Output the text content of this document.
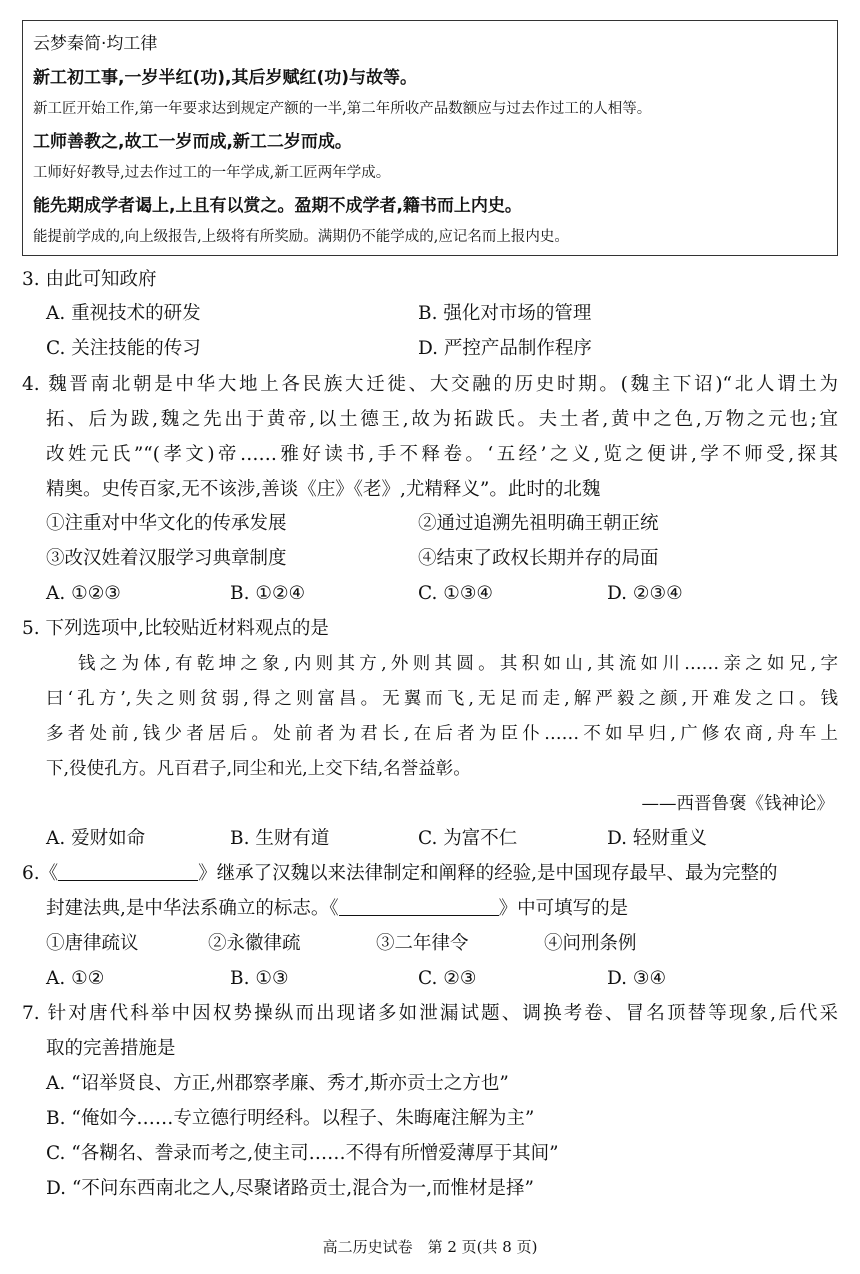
云梦秦简·均工律
新工初工事,一岁半红(功),其后岁赋红(功)与故等。
新工匠开始工作,第一年要求达到规定产额的一半,第二年所收产品数额应与过去作过工的人相等。
工师善教之,故工一岁而成,新工二岁而成。
工师好好教导,过去作过工的一年学成,新工匠两年学成。
能先期成学者谒上,上且有以赏之。盈期不成学者,籍书而上内史。
能提前学成的,向上级报告,上级将有所奖励。满期仍不能学成的,应记名而上报内史。
3. 由此可知政府
A. 重视技术的研发	B. 强化对市场的管理
C. 关注技能的传习	D. 严控产品制作程序
4. 魏晋南北朝是中华大地上各民族大迁徙、大交融的历史时期。(魏主下诏)“北人谓土为
拓、后为跋,魏之先出于黄帝,以土德王,故为拓跋氏。夫土者,黄中之色,万物之元也;宜
改姓元氏”“(孝文)帝……雅好读书,手不释卷。‘五经’之义,览之便讲,学不师受,探其
精奥。史传百家,无不该涉,善谈《庄》《老》,尤精释义”。此时的北魏
①注重对中华文化的传承发展	②通过追溯先祖明确王朝正统
③改汉姓着汉服学习典章制度	④结束了政权长期并存的局面
A. ①②③	B. ①②④	C. ①③④	D. ②③④
5. 下列选项中,比较贴近材料观点的是
钱之为体,有乾坤之象,内则其方,外则其圆。其积如山,其流如川……亲之如兄,字
曰‘孔方’,失之则贫弱,得之则富昌。无翼而飞,无足而走,解严毅之颜,开难发之口。钱
多者处前,钱少者居后。处前者为君长,在后者为臣仆……不如早归,广修农商,舟车上
下,役使孔方。凡百君子,同尘和光,上交下结,名誉益彰。
——西晋鲁褒《钱神论》
A. 爱财如命	B. 生财有道	C. 为富不仁	D. 轻财重义
6.《	》继承了汉魏以来法律制定和阐释的经验,是中国现存最早、最为完整的
封建法典,是中华法系确立的标志。《	》中可填写的是
①唐律疏议	②永徽律疏	③二年律令	④问刑条例
A. ①②	B. ①③	C. ②③	D. ③④
7. 针对唐代科举中因权势操纵而出现诸多如泄漏试题、调换考卷、冒名顶替等现象,后代采
取的完善措施是
A. “诏举贤良、方正,州郡察孝廉、秀才,斯亦贡士之方也”
B. “俺如今……专立德行明经科。以程子、朱晦庵注解为主”
C. “各糊名、誊录而考之,使主司……不得有所憎爱薄厚于其间”
D. “不问东西南北之人,尽聚诸路贡士,混合为一,而惟材是择”
高二历史试卷　第 2 页(共 8 页)
